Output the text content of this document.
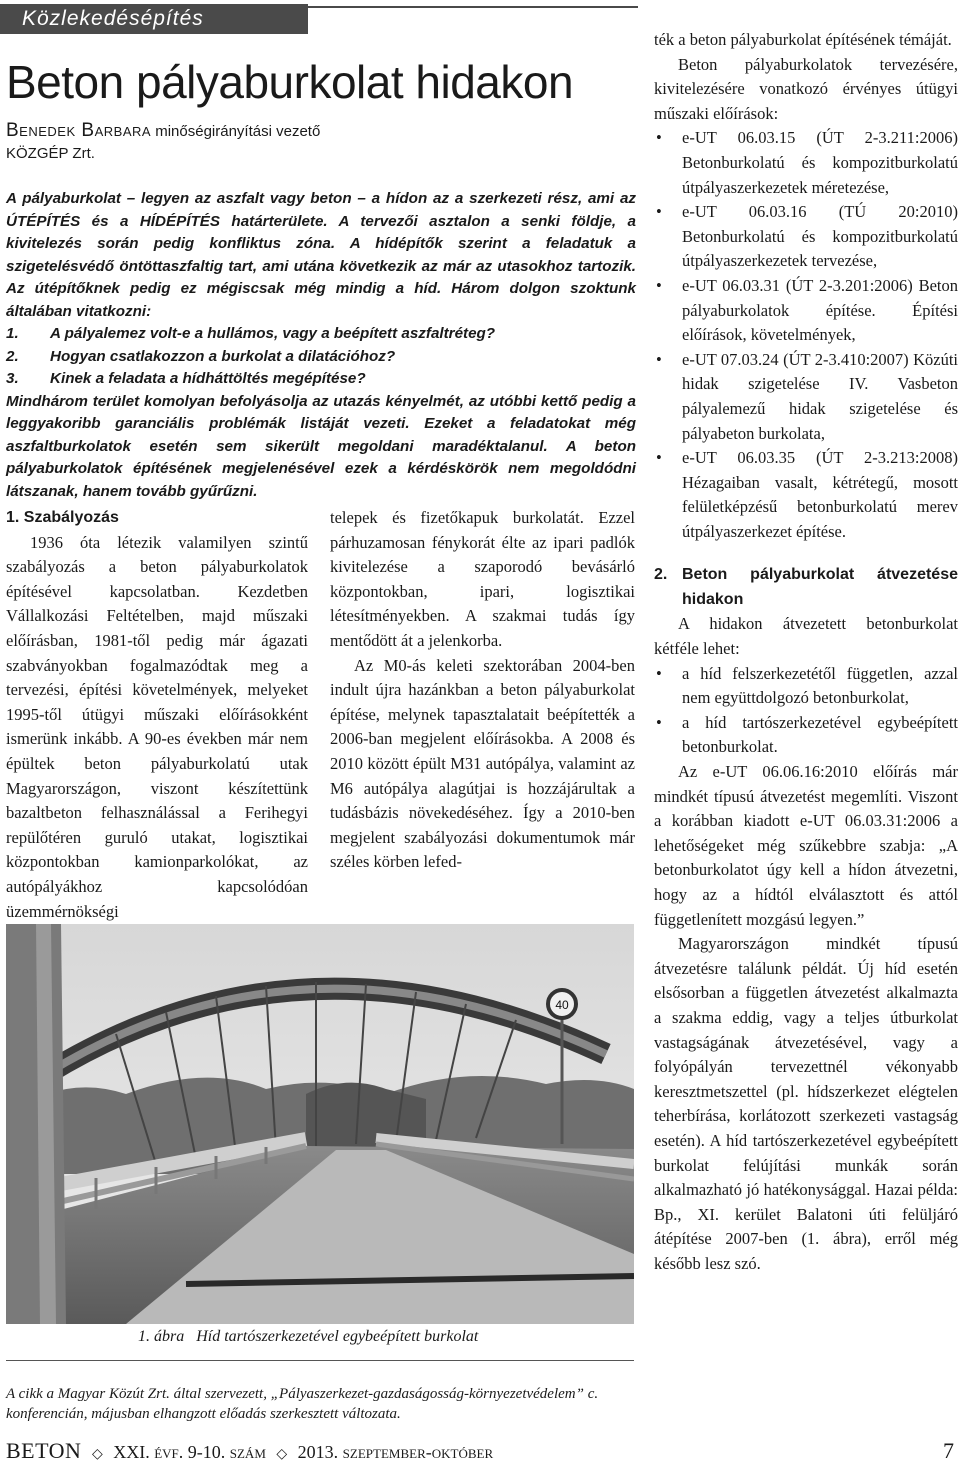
Közlekedésépítés
Beton pályaburkolat hidakon
Benedek Barbara minőségirányítási vezető
KÖZGÉP Zrt.

A pályaburkolat – legyen az aszfalt vagy beton – a hídon az a szerkezeti rész, ami az ÚTÉPÍTÉS és a HÍDÉPÍTÉS határterülete. A tervezői asztalon a senki földje, a kivitelezés során pedig konfliktus zóna. A hídépítők szerint a feladatuk a szigetelésvédő öntöttaszfaltig tart, ami utána következik az már az utasokhoz tartozik. Az útépítőknek pedig ez mégiscsak még mindig a híd. Három dolgon szoktunk általában vitatkozni:

1. A pályalemez volt-e a hullámos, vagy a beépített aszfaltréteg?

2. Hogyan csatlakozzon a burkolat a dilatációhoz?

3. Kinek a feladata a hídháttöltés megépítése?

Mindhárom terület komolyan befolyásolja az utazás kényelmét, az utóbbi kettő pedig a leggyakoribb garanciális problémák listáját vezeti. Ezeket a feladatokat még aszfaltburkolatok esetén sem sikerült megoldani maradéktalanul. A beton pályaburkolatok építésének megjelenésével ezek a kérdéskörök nem megoldódni látszanak, hanem tovább gyűrűzni.

1. Szabályozás

1936 óta létezik valamilyen szintű szabályozás a beton pályaburkolatok építésével kapcsolatban. Kezdetben Vállalkozási Feltételben, majd műszaki előírásban, 1981-től pedig már ágazati szabványokban fogalmazódtak meg a tervezési, építési követelmények, melyeket 1995-től útügyi műszaki előírásokként ismerünk inkább. A 90-es években már nem épültek beton pályaburkolatú utak Magyarországon, viszont készítettünk bazaltbeton felhasználással a Ferihegyi repülőtéren guruló utakat, logisztikai központokban kamionparkolókat, az autópályákhoz kapcsolódóan üzemmérnökségi

telepek és fizetőkapuk burkolatát. Ezzel párhuzamosan fénykorát élte az ipari padlók kivitelezése a szaporodó bevásárló központokban, ipari, logisztikai létesítményekben. A szakmai tudás így mentődött át a jelenkorba.

Az M0-ás keleti szektorában 2004-ben indult újra hazánkban a beton pályaburkolat építése, melynek tapasztalatait beépítették a 2006-ban megjelent előírásokba. A 2008 és 2010 között épült M31 autópálya, valamint az M6 autópálya alagútjai is hozzájárultak a tudásbázis növekedéséhez. Így a 2010-ben megjelent szabályozási dokumentumok már széles körben lefed-

ték a beton pályaburkolat építésének témáját.

Beton pályaburkolatok tervezésére, kivitelezésére vonatkozó érvényes útügyi műszaki előírások:

• e-UT 06.03.15 (ÚT 2-3.211:2006) Betonburkolatú és kompozitburkolatú útpályaszerkezetek méretezése,
• e-UT 06.03.16 (TÚ 20:2010) Betonburkolatú és kompozitburkolatú útpályaszerkezetek tervezése,
• e-UT 06.03.31 (ÚT 2-3.201:2006) Beton pályaburkolatok építése. Építési előírások, követelmények,
• e-UT 07.03.24 (ÚT 2-3.410:2007) Közúti hidak szigetelése IV. Vasbeton pályalemezű hidak szigetelése és pályabeton burkolata,
• e-UT 06.03.35 (ÚT 2-3.213:2008) Hézagaiban vasalt, kétrétegű, mosott felületképzésű betonburkolatú merev útpályaszerkezet építése.
2. Beton pályaburkolat átvezetése hidakon

A hidakon átvezetett betonburkolat kétféle lehet:

• a híd felszerkezetétől független, azzal nem együttdolgozó betonburkolat,
• a híd tartószerkezetével egybeépített betonburkolat.

Az e-UT 06.06.16:2010 előírás már mindkét típusú átvezetést megemlíti. Viszont a korábban kiadott e-UT 06.03.31:2006 a lehetőségeket még szűkebbre szabja: „A betonburkolatot úgy kell a hídon átvezetni, hogy az a hídtól elválasztott és attól függetlenített mozgású legyen.”

Magyarországon mindkét típusú átvezetésre találunk példát. Új híd esetén elsősorban a független átvezetést alkalmazta a szakma eddig, vagy a teljes útburkolat vastagságának átvezetésével, vagy a folyópályán tervezettnél vékonyabb keresztmetszettel (pl. hídszerkezet elégtelen teherbírása, korlátozott szerkezeti vastagság esetén). A híd tartószerkezetével egybeépített burkolat felújítási munkák során alkalmazható jó hatékonysággal. Hazai példa: Bp., XI. kerület Balatoni úti felüljáró átépítése 2007-ben (1. ábra), erről még később lesz szó.

40
1. ábra   Híd tartószerkezetével egybeépített burkolat
A cikk a Magyar Közút Zrt. által szervezett, „Pályaszerkezet-gazdaságosság-környezetvédelem” c. konferencián, májusban elhangzott előadás szerkesztett változata.
BETON ◇ XXI. évf. 9-10. szám ◇ 2013. szeptember-október	7
